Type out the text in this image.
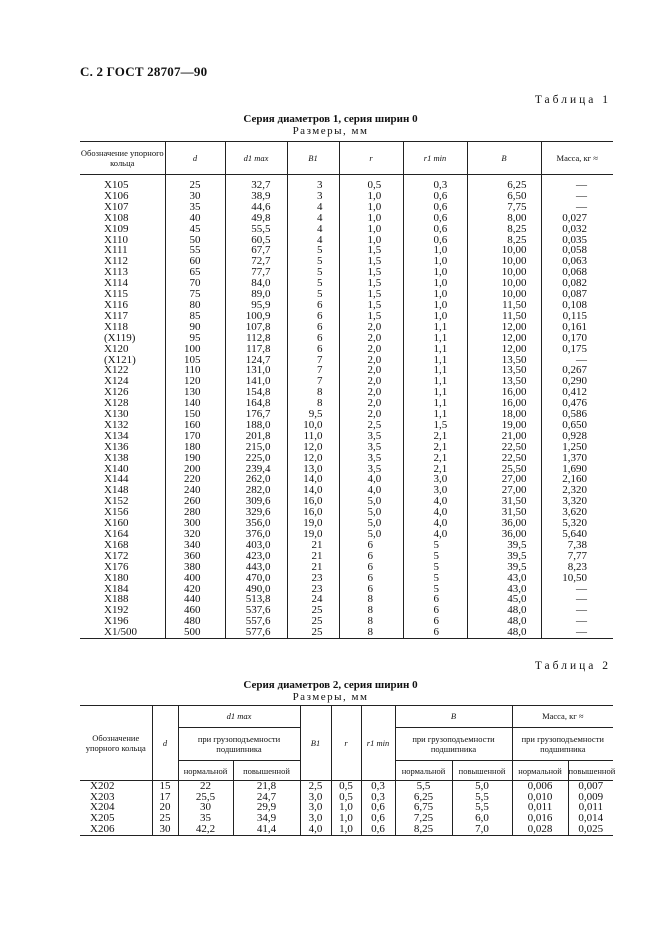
С. 2 ГОСТ 28707—90
Таблица 1
Серия диаметров 1, серия ширин 0
Размеры, мм
Обозначение упорного кольца	d	d1 max	B1	r	r1 min	B	Масса, кг ≈
X105	25	32,7	3	0,5	0,3	6,25	—
X106	30	38,9	3	1,0	0,6	6,50	—
X107	35	44,6	4	1,0	0,6	7,75	—
X108	40	49,8	4	1,0	0,6	8,00	0,027
X109	45	55,5	4	1,0	0,6	8,25	0,032
X110	50	60,5	4	1,0	0,6	8,25	0,035
X111	55	67,7	5	1,5	1,0	10,00	0,058
X112	60	72,7	5	1,5	1,0	10,00	0,063
X113	65	77,7	5	1,5	1,0	10,00	0,068
X114	70	84,0	5	1,5	1,0	10,00	0,082
X115	75	89,0	5	1,5	1,0	10,00	0,087
X116	80	95,9	6	1,5	1,0	11,50	0,108
X117	85	100,9	6	1,5	1,0	11,50	0,115
X118	90	107,8	6	2,0	1,1	12,00	0,161
(X119)	95	112,8	6	2,0	1,1	12,00	0,170
X120	100	117,8	6	2,0	1,1	12,00	0,175
(X121)	105	124,7	7	2,0	1,1	13,50	—
X122	110	131,0	7	2,0	1,1	13,50	0,267
X124	120	141,0	7	2,0	1,1	13,50	0,290
X126	130	154,8	8	2,0	1,1	16,00	0,412
X128	140	164,8	8	2,0	1,1	16,00	0,476
X130	150	176,7	9,5	2,0	1,1	18,00	0,586
X132	160	188,0	10,0	2,5	1,5	19,00	0,650
X134	170	201,8	11,0	3,5	2,1	21,00	0,928
X136	180	215,0	12,0	3,5	2,1	22,50	1,250
X138	190	225,0	12,0	3,5	2,1	22,50	1,370
X140	200	239,4	13,0	3,5	2,1	25,50	1,690
X144	220	262,0	14,0	4,0	3,0	27,00	2,160
X148	240	282,0	14,0	4,0	3,0	27,00	2,320
X152	260	309,6	16,0	5,0	4,0	31,50	3,320
X156	280	329,6	16,0	5,0	4,0	31,50	3,620
X160	300	356,0	19,0	5,0	4,0	36,00	5,320
X164	320	376,0	19,0	5,0	4,0	36,00	5,640
X168	340	403,0	21	6	5	39,5	7,38
X172	360	423,0	21	6	5	39,5	7,77
X176	380	443,0	21	6	5	39,5	8,23
X180	400	470,0	23	6	5	43,0	10,50
X184	420	490,0	23	6	5	43,0	—
X188	440	513,8	24	8	6	45,0	—
X192	460	537,6	25	8	6	48,0	—
X196	480	557,6	25	8	6	48,0	—
X1/500	500	577,6	25	8	6	48,0	—
Таблица 2
Серия диаметров 2, серия ширин 0
Размеры, мм
Обозначение упорного кольца	d	d1 max		B1	r	r1 min	B		Масса, кг ≈	
		при грузоподъемности подшипника					при грузоподъемности подшипника		при грузоподъемности подшипника	
		нормальной	повышенной				нормальной	повышенной	нормальной	повышенной
X202	15	22	21,8	2,5	0,5	0,3	5,5	5,0	0,006	0,007
X203	17	25,5	24,7	3,0	0,5	0,3	6,25	5,5	0,010	0,009
X204	20	30	29,9	3,0	1,0	0,6	6,75	5,5	0,011	0,011
X205	25	35	34,9	3,0	1,0	0,6	7,25	6,0	0,016	0,014
X206	30	42,2	41,4	4,0	1,0	0,6	8,25	7,0	0,028	0,025
